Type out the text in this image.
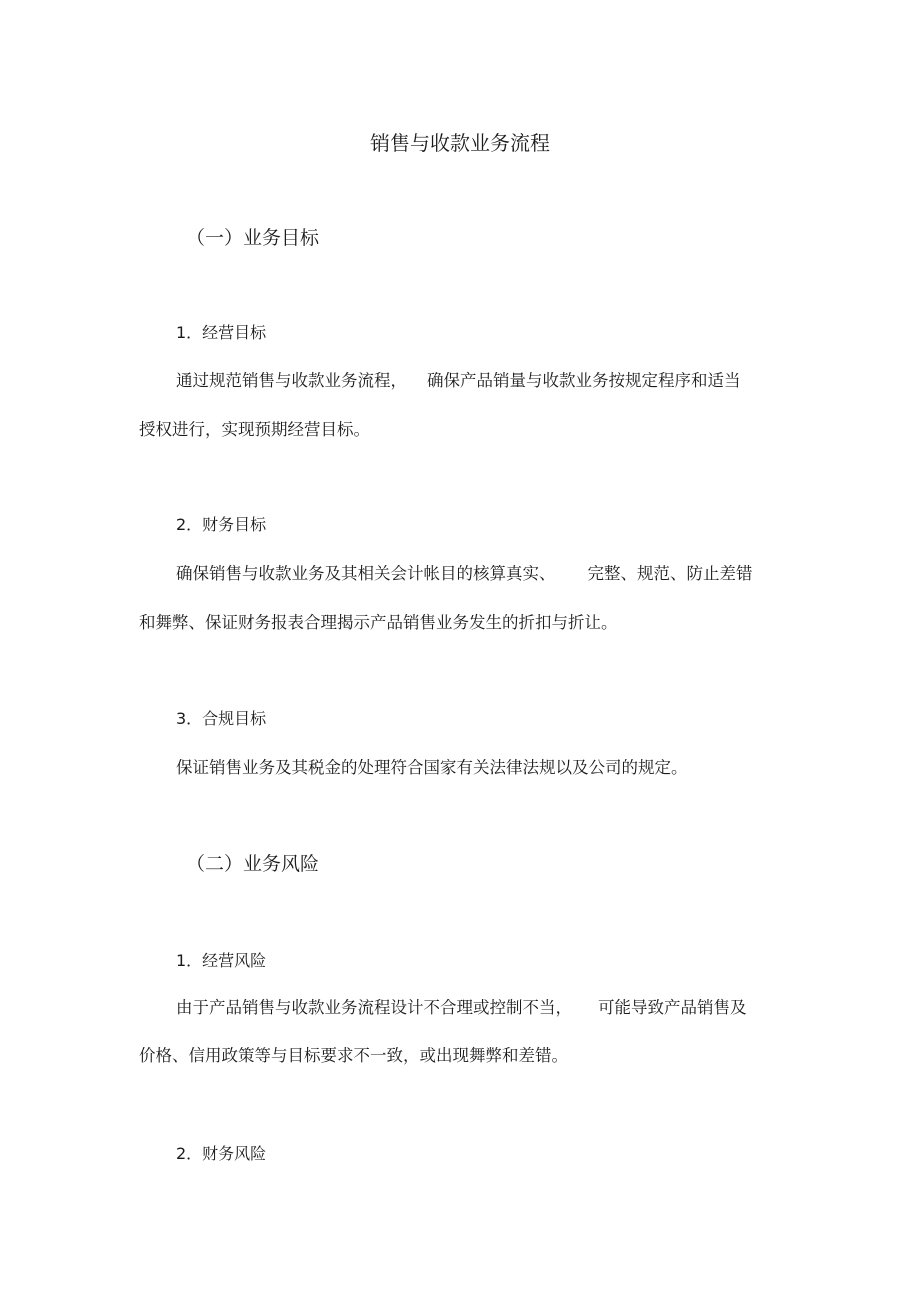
销售与收款业务流程
（一）业务目标
1．经营目标
通过规范销售与收款业务流程， 确保产品销量与收款业务按规定程序和适当
授权进行，实现预期经营目标。
2．财务目标
确保销售与收款业务及其相关会计帐目的核算真实、 完整、规范、防止差错
和舞弊、保证财务报表合理揭示产品销售业务发生的折扣与折让。
3．合规目标
保证销售业务及其税金的处理符合国家有关法律法规以及公司的规定。
（二）业务风险
1．经营风险
由于产品销售与收款业务流程设计不合理或控制不当， 可能导致产品销售及
价格、信用政策等与目标要求不一致，或出现舞弊和差错。
2．财务风险
